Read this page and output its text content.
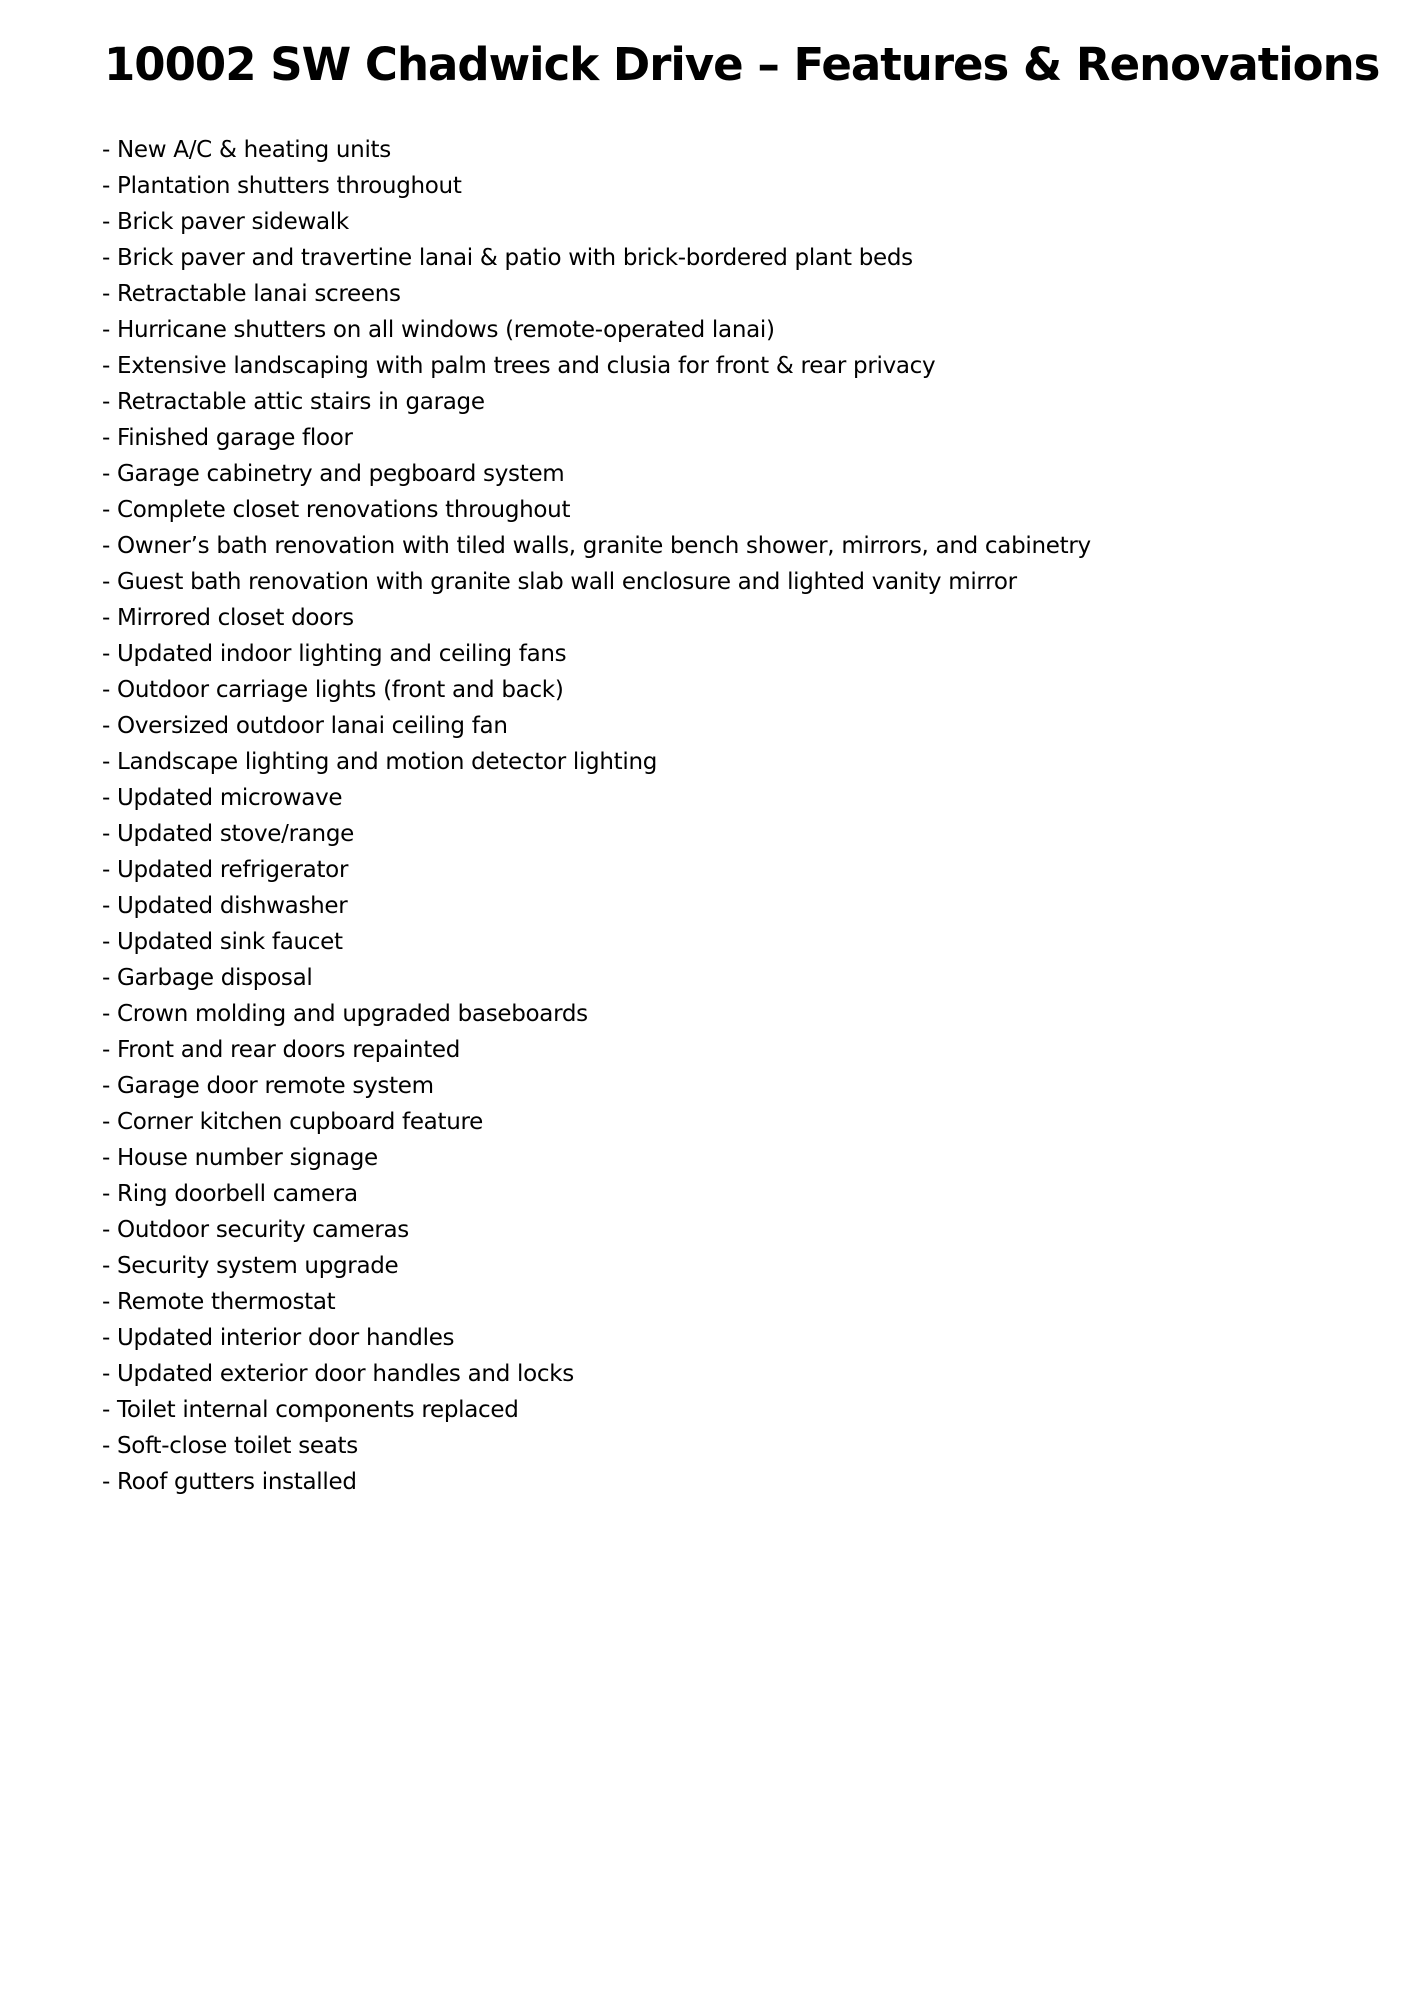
10002 SW Chadwick Drive – Features & Renovations
- New A/C & heating units
- Plantation shutters throughout
- Brick paver sidewalk
- Brick paver and travertine lanai & patio with brick-bordered plant beds
- Retractable lanai screens
- Hurricane shutters on all windows (remote-operated lanai)
- Extensive landscaping with palm trees and clusia for front & rear privacy
- Retractable attic stairs in garage
- Finished garage floor
- Garage cabinetry and pegboard system
- Complete closet renovations throughout
- Owner’s bath renovation with tiled walls, granite bench shower, mirrors, and cabinetry
- Guest bath renovation with granite slab wall enclosure and lighted vanity mirror
- Mirrored closet doors
- Updated indoor lighting and ceiling fans
- Outdoor carriage lights (front and back)
- Oversized outdoor lanai ceiling fan
- Landscape lighting and motion detector lighting
- Updated microwave
- Updated stove/range
- Updated refrigerator
- Updated dishwasher
- Updated sink faucet
- Garbage disposal
- Crown molding and upgraded baseboards
- Front and rear doors repainted
- Garage door remote system
- Corner kitchen cupboard feature
- House number signage
- Ring doorbell camera
- Outdoor security cameras
- Security system upgrade
- Remote thermostat
- Updated interior door handles
- Updated exterior door handles and locks
- Toilet internal components replaced
- Soft-close toilet seats
- Roof gutters installed
